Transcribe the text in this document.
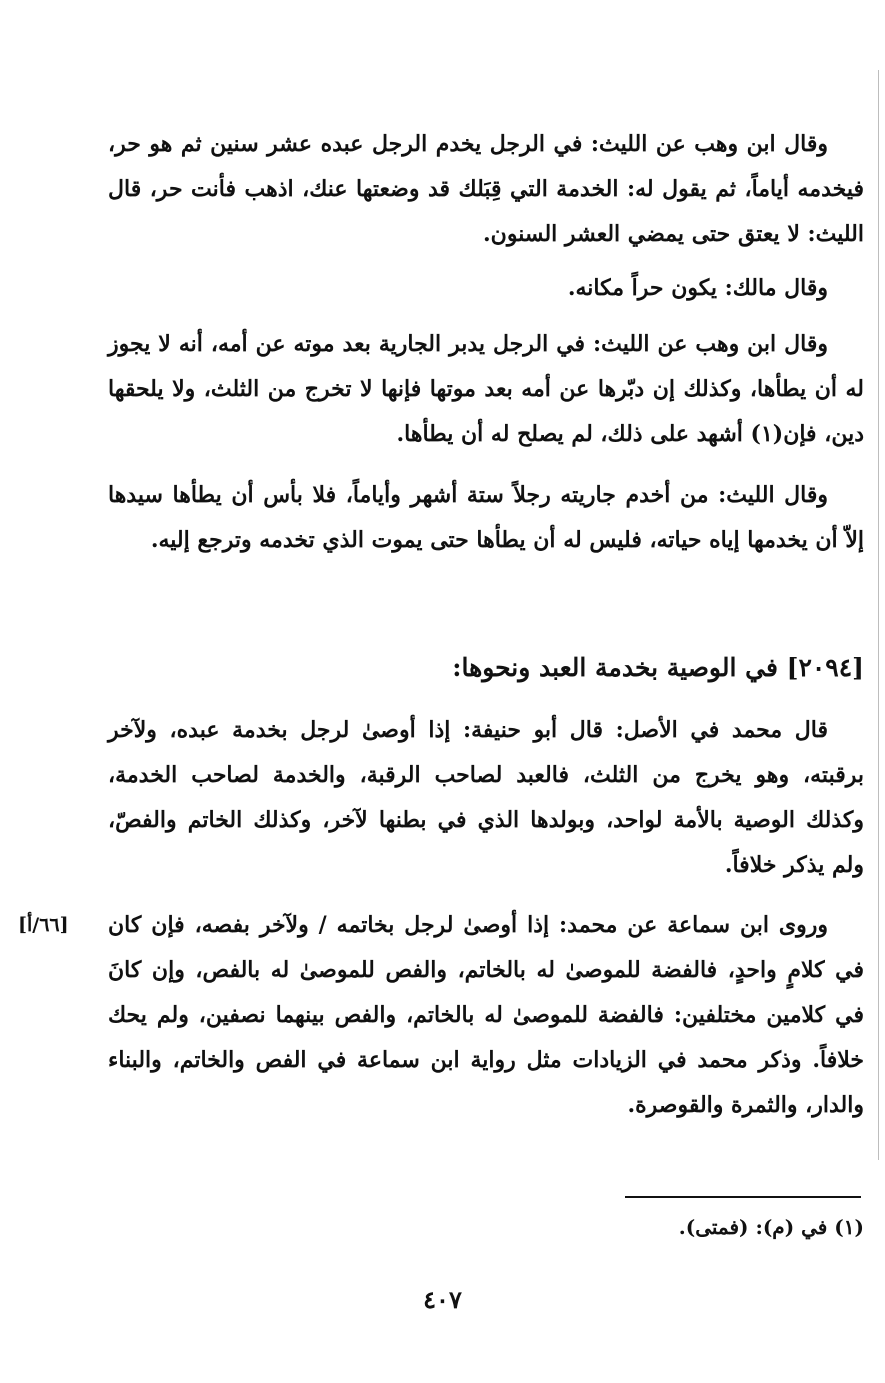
وقال ابن وهب عن الليث: في الرجل يخدم الرجل عبده عشر سنين ثم هو حر، فيخدمه أياماً، ثم يقول له: الخدمة التي قِبَلك قد وضعتها عنك، اذهب فأنت حر، قال الليث: لا يعتق حتى يمضي العشر السنون.

وقال مالك: يكون حراً مكانه.

وقال ابن وهب عن الليث: في الرجل يدبر الجارية بعد موته عن أمه، أنه لا يجوز له أن يطأها، وكذلك إن دبّرها عن أمه بعد موتها فإنها لا تخرج من الثلث، ولا يلحقها دين، فإن(١) أشهد على ذلك، لم يصلح له أن يطأها.

وقال الليث: من أخدم جاريته رجلاً ستة أشهر وأياماً، فلا بأس أن يطأها سيدها إلاّ أن يخدمها إياه حياته، فليس له أن يطأها حتى يموت الذي تخدمه وترجع إليه.

[٢٠٩٤] في الوصية بخدمة العبد ونحوها:

قال محمد في الأصل: قال أبو حنيفة: إذا أوصىٰ لرجل بخدمة عبده، ولآخر برقبته، وهو يخرج من الثلث، فالعبد لصاحب الرقبة، والخدمة لصاحب الخدمة، وكذلك الوصية بالأمة لواحد، وبولدها الذي في بطنها لآخر، وكذلك الخاتم والفصّ، ولم يذكر خلافاً.

[٦٦/أ]	وروى ابن سماعة عن محمد: إذا أوصىٰ لرجل بخاتمه / ولآخر بفصه، فإن كان في كلامٍ واحدٍ، فالفضة للموصىٰ له بالخاتم، والفص للموصىٰ له بالفص، وإن كانَ في كلامين مختلفين: فالفضة للموصىٰ له بالخاتم، والفص بينهما نصفين، ولم يحك خلافاً. وذكر محمد في الزيادات مثل رواية ابن سماعة في الفص والخاتم، والبناء والدار، والثمرة والقوصرة.

(١) في (م): (فمتى).
٤٠٧
